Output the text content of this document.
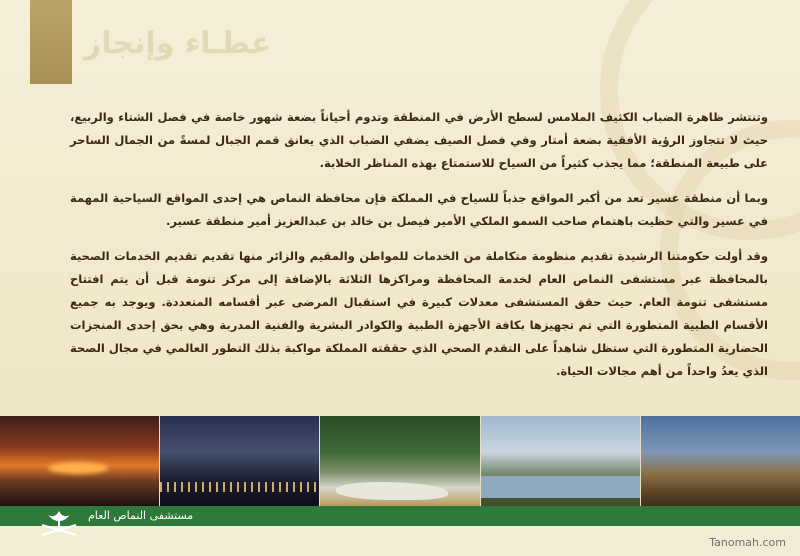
عطـاء وإنجاز

وتنتشر ظاهرة الضباب الكثيف الملامس لسطح الأرض في المنطقة وتدوم أحياناً بضعة شهور خاصة في فصل الشتاء والربيع، حيث لا تتجاوز الرؤية الأفقية بضعة أمتار وفي فصل الصيف يضفي الضباب الذي يعانق قمم الجبال لمسةً من الجمال الساحر على طبيعة المنطقة؛ مما يجذب كثيراً من السياح للاستمتاع بهذه المناظر الخلابة.

وبما أن منطقة عسير تعد من أكبر المواقع جذباً للسياح في المملكة فإن محافظة النماص هي إحدى المواقع السياحية المهمة في عسير والتي حظيت باهتمام صاحب السمو الملكي الأمير فيصل بن خالد بن عبدالعزيز أمير منطقة عسير.

وقد أولت حكومتنا الرشيدة تقديم منظومة متكاملة من الخدمات للمواطن والمقيم والزائر منها تقديم تقديم الخدمات الصحية بالمحافظة عبر مستشفى النماص العام لخدمة المحافظة ومراكزها الثلاثة بالإضافة إلى مركز تنومة قبل أن يتم افتتاح مستشفى تنومة العام. حيث حقق المستشفى معدلات كبيرة في استقبال المرضى عبر أقسامه المتعددة. ويوجد به جميع الأقسام الطبية المتطورة التي تم تجهيزها بكافة الأجهزة الطبية والكوادر البشرية والفنية المدربة وهي بحق إحدى المنجزات الحضارية المتطورة التي ستظل شاهداً على التقدم الصحي الذي حققته المملكة مواكبة بذلك التطور العالمي في مجال الصحة الذي يعدُ واحداً من أهم مجالات الحياة.

مستشفى النماص العام
Tanomah.com
